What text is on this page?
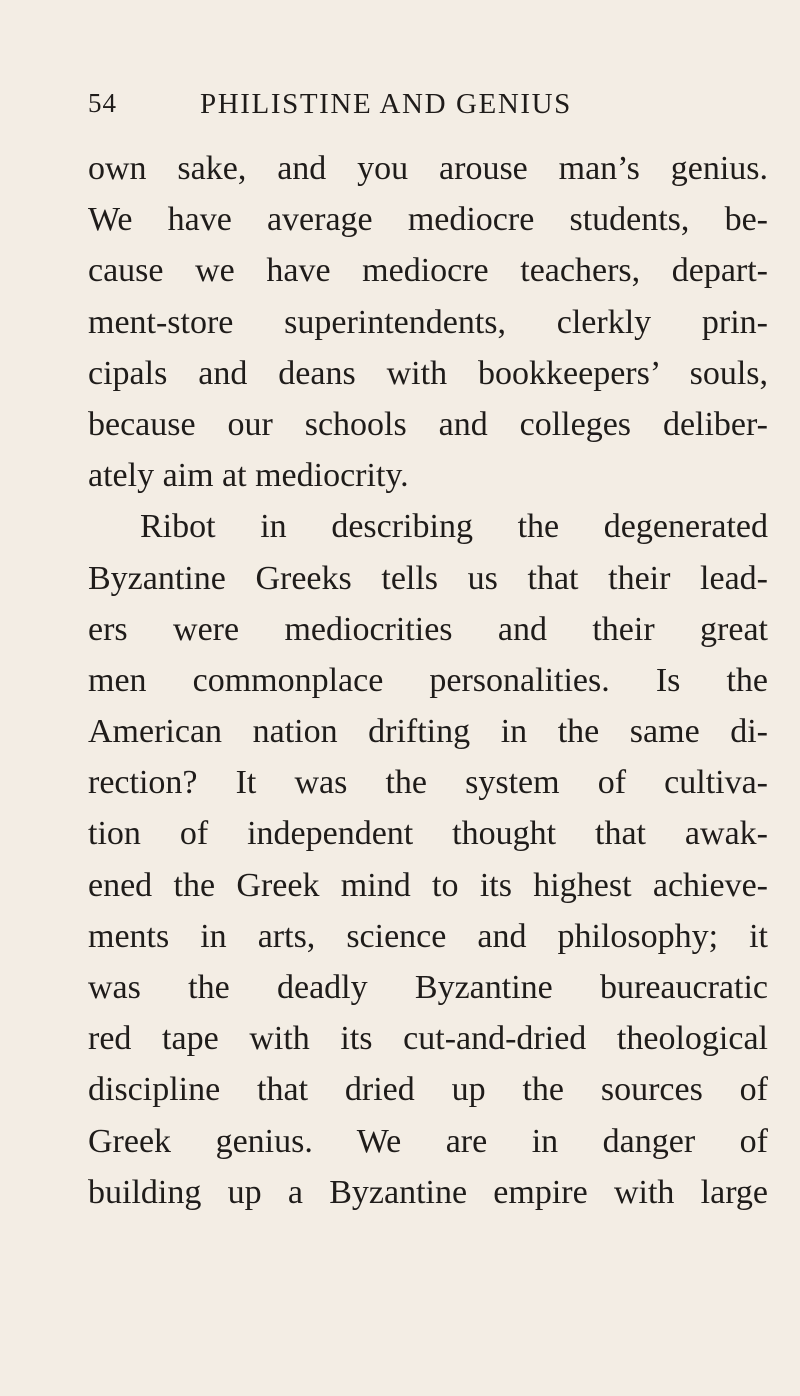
54	PHILISTINE AND GENIUS
own sake, and you arouse man’s genius.
We have average mediocre students, be-
cause we have mediocre teachers, depart-
ment-store superintendents, clerkly prin-
cipals and deans with bookkeepers’ souls,
because our schools and colleges deliber-
ately aim at mediocrity.
Ribot in describing the degenerated
Byzantine Greeks tells us that their lead-
ers were mediocrities and their great
men commonplace personalities. Is the
American nation drifting in the same di-
rection? It was the system of cultiva-
tion of independent thought that awak-
ened the Greek mind to its highest achieve-
ments in arts, science and philosophy; it
was the deadly Byzantine bureaucratic
red tape with its cut-and-dried theological
discipline that dried up the sources of
Greek genius. We are in danger of
building up a Byzantine empire with large
